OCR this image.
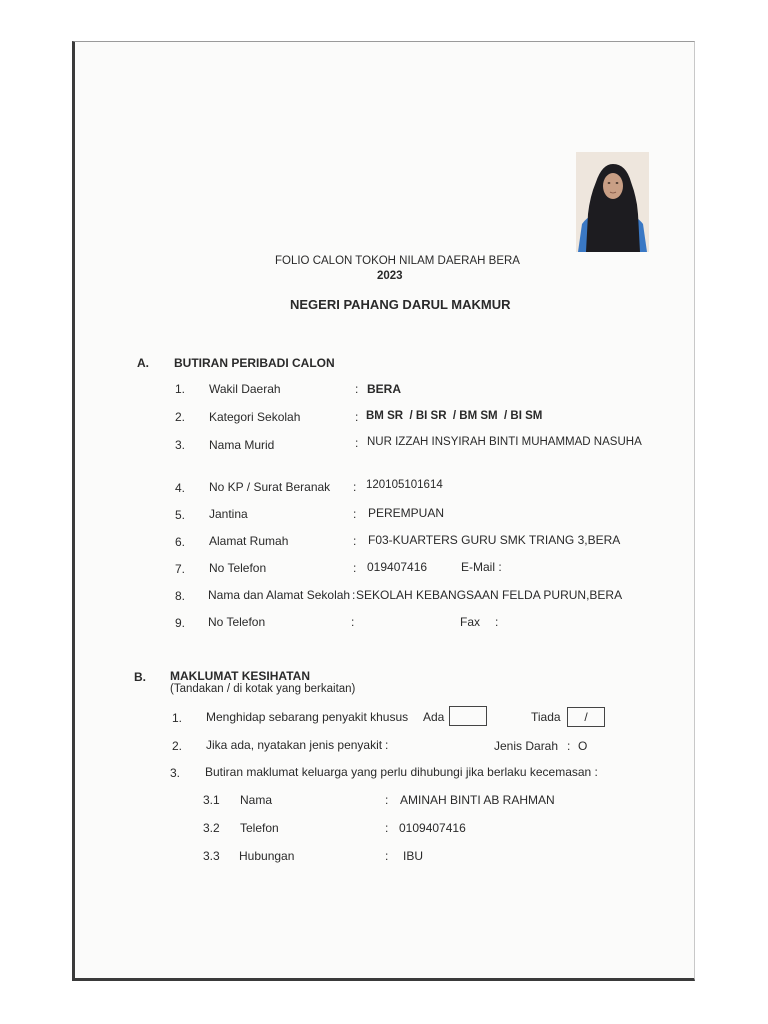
FOLIO CALON TOKOH NILAM DAERAH BERA
2023
NEGERI PAHANG DARUL MAKMUR
A. BUTIRAN PERIBADI CALON
1. Wakil Daerah	: BERA
2. Kategori Sekolah	: BM SR  / BI SR  / BM SM  / BI SM
3. Nama Murid	: NUR IZZAH INSYIRAH BINTI MUHAMMAD NASUHA
4. No KP / Surat Beranak : 120105101614
5. Jantina	: PEREMPUAN
6. Alamat Rumah	: F03-KUARTERS GURU SMK TRIANG 3,BERA
7. No Telefon	: 019407416	E-Mail :
8. Nama dan Alamat Sekolah : SEKOLAH KEBANGSAAN FELDA PURUN,BERA
9. No Telefon	:	Fax :
B. MAKLUMAT KESIHATAN
(Tandakan / di kotak yang berkaitan)
1. Menghidap sebarang penyakit khusus Ada	Tiada	/
2. Jika ada, nyatakan jenis penyakit :	Jenis Darah : O
3. Butiran maklumat keluarga yang perlu dihubungi jika berlaku kecemasan :
3.1 Nama	: AMINAH BINTI AB RAHMAN
3.2 Telefon	: 0109407416
3.3 Hubungan	: IBU
